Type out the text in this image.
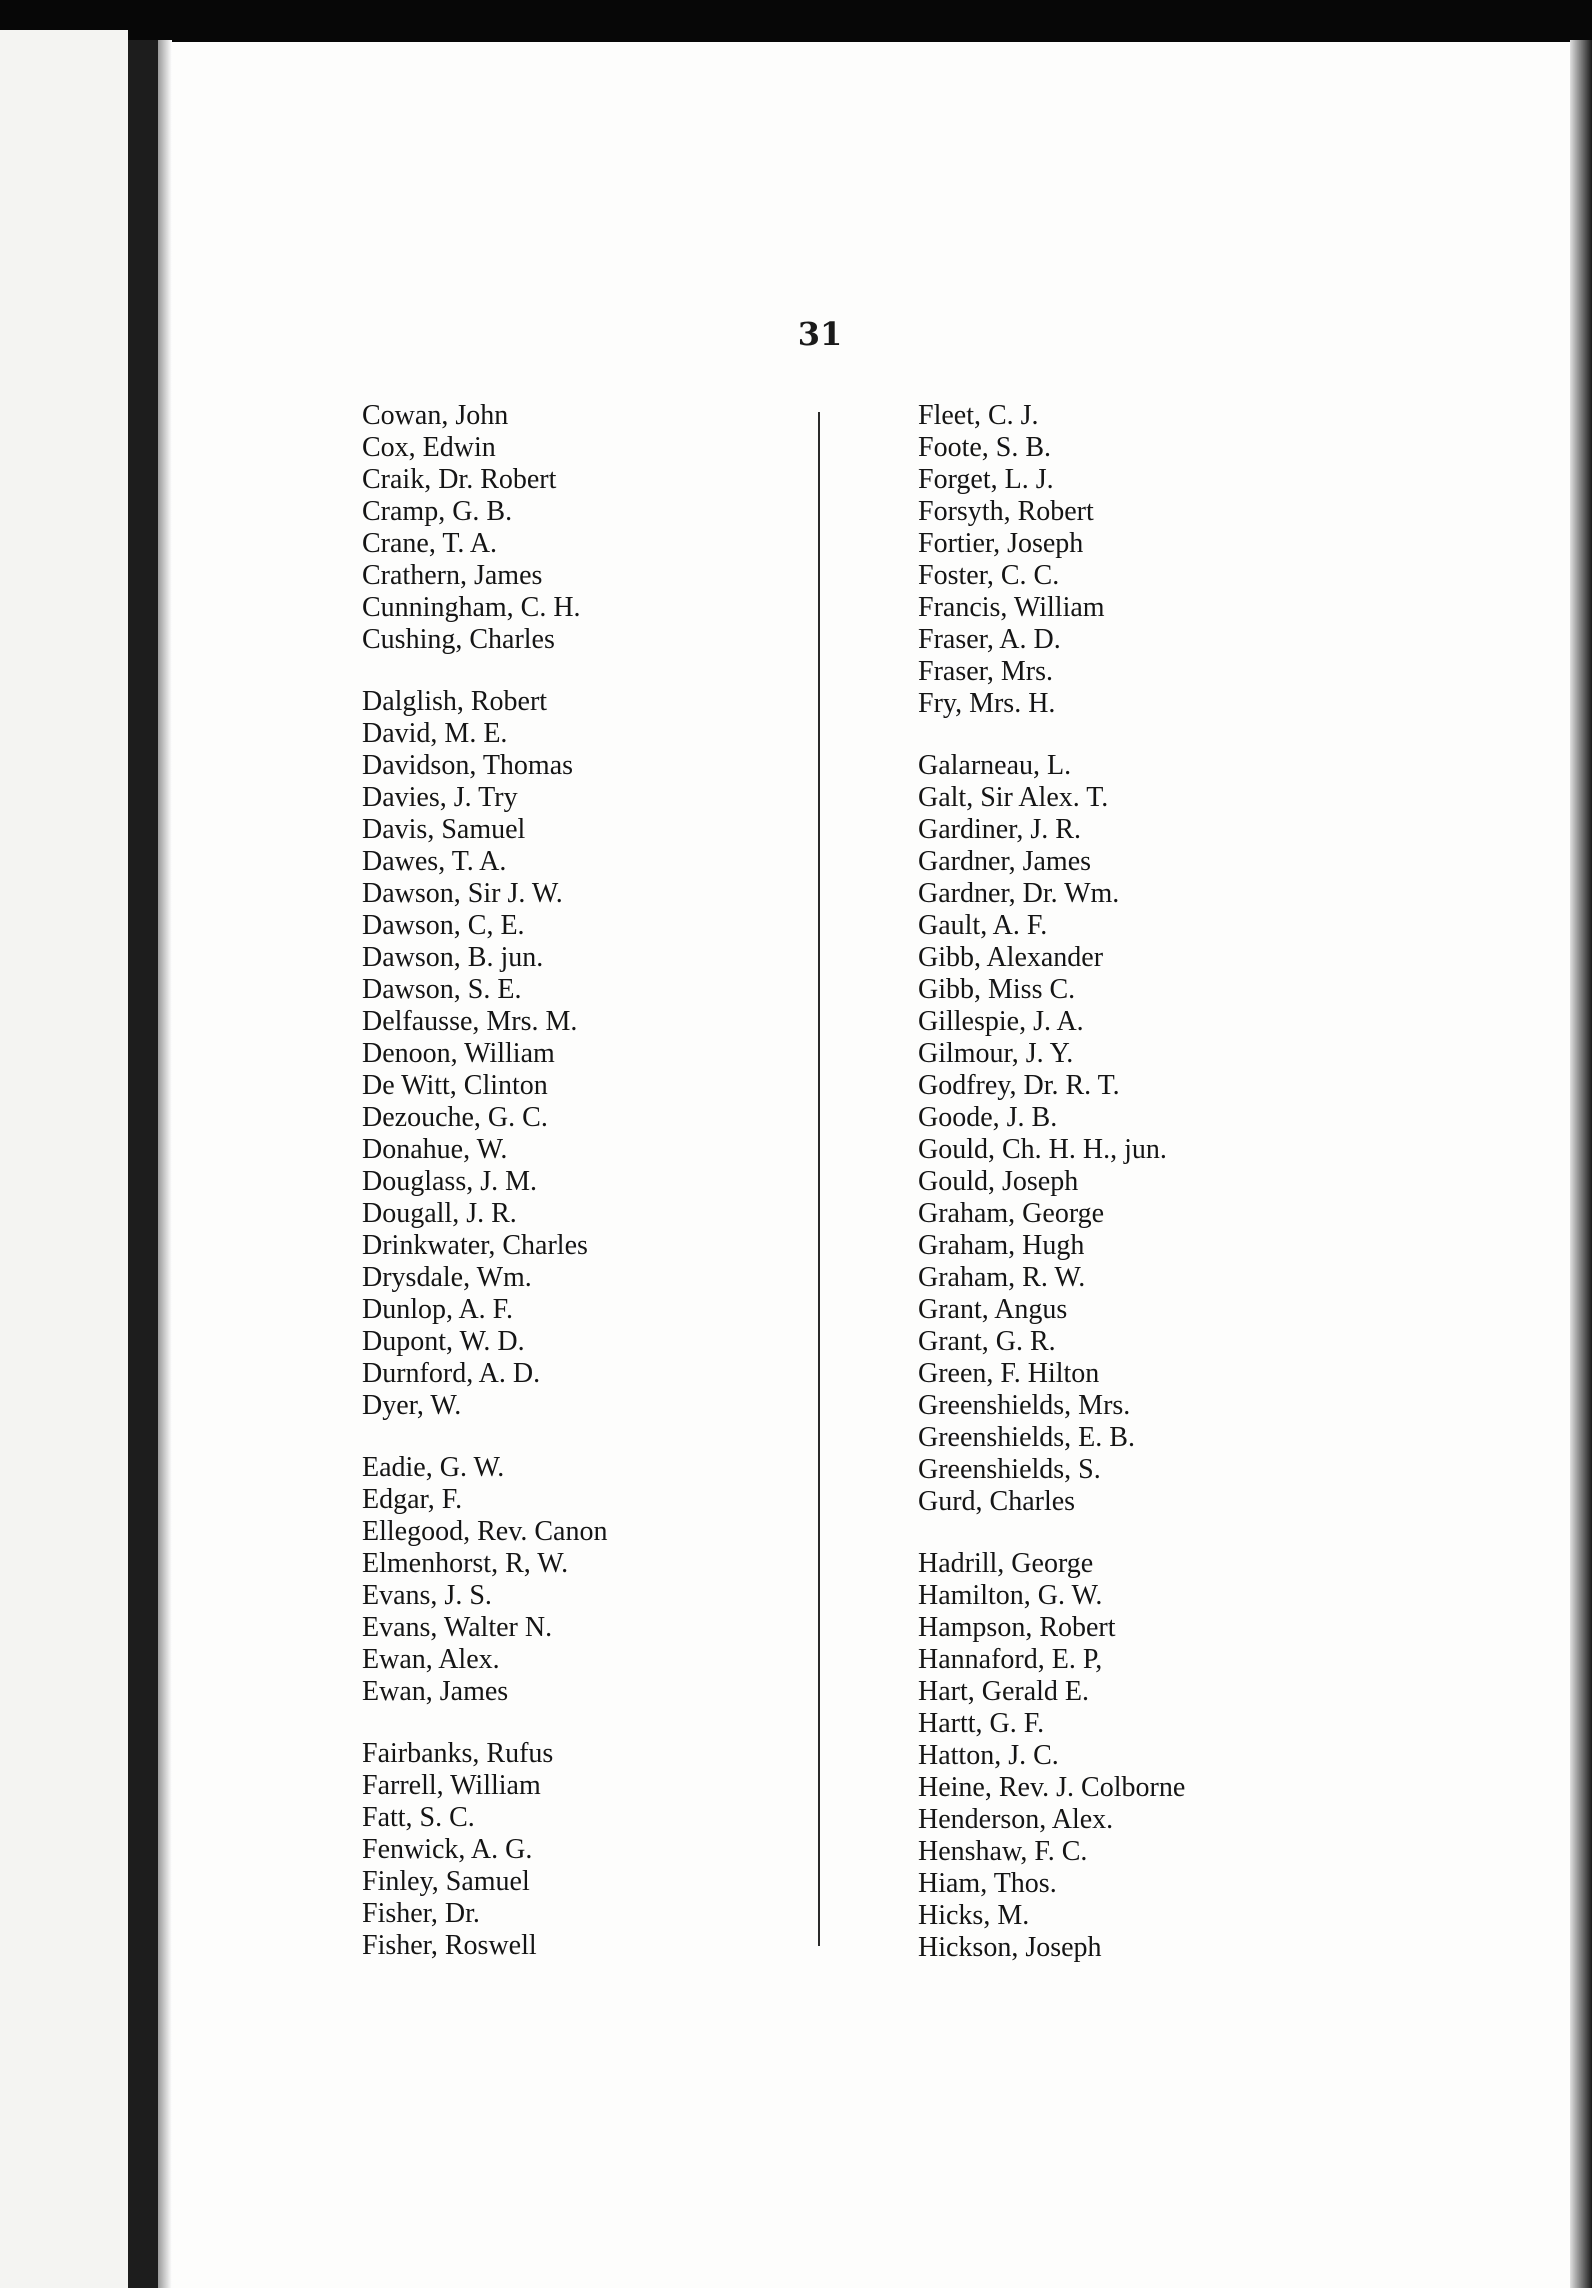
31
Cowan, John
Cox, Edwin
Craik, Dr. Robert
Cramp, G. B.
Crane, T. A.
Crathern, James
Cunningham, C. H.
Cushing, Charles
Dalglish, Robert
David, M. E.
Davidson, Thomas
Davies, J. Try
Davis, Samuel
Dawes, T. A.
Dawson, Sir J. W.
Dawson, C, E.
Dawson, B. jun.
Dawson, S. E.
Delfausse, Mrs. M.
Denoon, William
De Witt, Clinton
Dezouche, G. C.
Donahue, W.
Douglass, J. M.
Dougall, J. R.
Drinkwater, Charles
Drysdale, Wm.
Dunlop, A. F.
Dupont, W. D.
Durnford, A. D.
Dyer, W.
Eadie, G. W.
Edgar, F.
Ellegood, Rev. Canon
Elmenhorst, R, W.
Evans, J. S.
Evans, Walter N.
Ewan, Alex.
Ewan, James
Fairbanks, Rufus
Farrell, William
Fatt, S. C.
Fenwick, A. G.
Finley, Samuel
Fisher, Dr.
Fisher, Roswell
Fleet, C. J.
Foote, S. B.
Forget, L. J.
Forsyth, Robert
Fortier, Joseph
Foster, C. C.
Francis, William
Fraser, A. D.
Fraser, Mrs.
Fry, Mrs. H.
Galarneau, L.
Galt, Sir Alex. T.
Gardiner, J. R.
Gardner, James
Gardner, Dr. Wm.
Gault, A. F.
Gibb, Alexander
Gibb, Miss C.
Gillespie, J. A.
Gilmour, J. Y.
Godfrey, Dr. R. T.
Goode, J. B.
Gould, Ch. H. H., jun.
Gould, Joseph
Graham, George
Graham, Hugh
Graham, R. W.
Grant, Angus
Grant, G. R.
Green, F. Hilton
Greenshields, Mrs.
Greenshields, E. B.
Greenshields, S.
Gurd, Charles
Hadrill, George
Hamilton, G. W.
Hampson, Robert
Hannaford, E. P,
Hart, Gerald E.
Hartt, G. F.
Hatton, J. C.
Heine, Rev. J. Colborne
Henderson, Alex.
Henshaw, F. C.
Hiam, Thos.
Hicks, M.
Hickson, Joseph
